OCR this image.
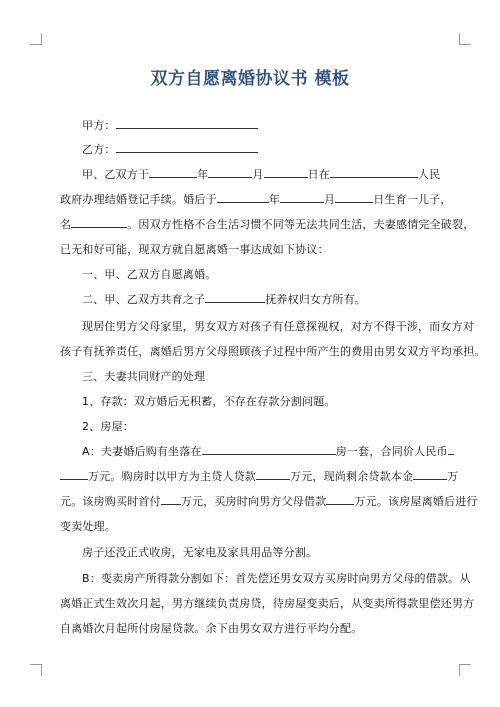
双方自愿离婚协议书 模板
甲方：
乙方：
甲、乙双方于	年	月	日在	人民
政府办理结婚登记手续。婚后于	年	月	日生育一儿子，
名	。因双方性格不合生活习惯不同等无法共同生活，夫妻感情完全破裂，
已无和好可能，现双方就自愿离婚一事达成如下协议：
一、甲、乙双方自愿离婚。
二、甲、乙双方共育之子	抚养权归女方所有。
现居住男方父母家里，男女双方对孩子有任意探视权，对方不得干涉，而女方对
孩子有抚养责任，离婚后男方父母照顾孩子过程中所产生的费用由男女双方平均承担。
三、夫妻共同财产的处理
1、存款：双方婚后无积蓄，不存在存款分割问题。
2、房屋：
A：夫妻婚后购有坐落在	房一套，合同价人民币
万元。购房时以甲方为主贷人贷款	万元，现尚剩余贷款本金	万
元。该房购买时首付 万元，买房时向男方父母借款	万元。该房屋离婚后进行
变卖处理。
房子还没正式收房，无家电及家具用品等分割。
B：变卖房产所得款分割如下：首先偿还男女双方买房时向男方父母的借款。从
离婚正式生效次月起，男方继续负责房贷，待房屋变卖后，从变卖所得款里偿还男方
自离婚次月起所付房屋贷款。余下由男女双方进行平均分配。
